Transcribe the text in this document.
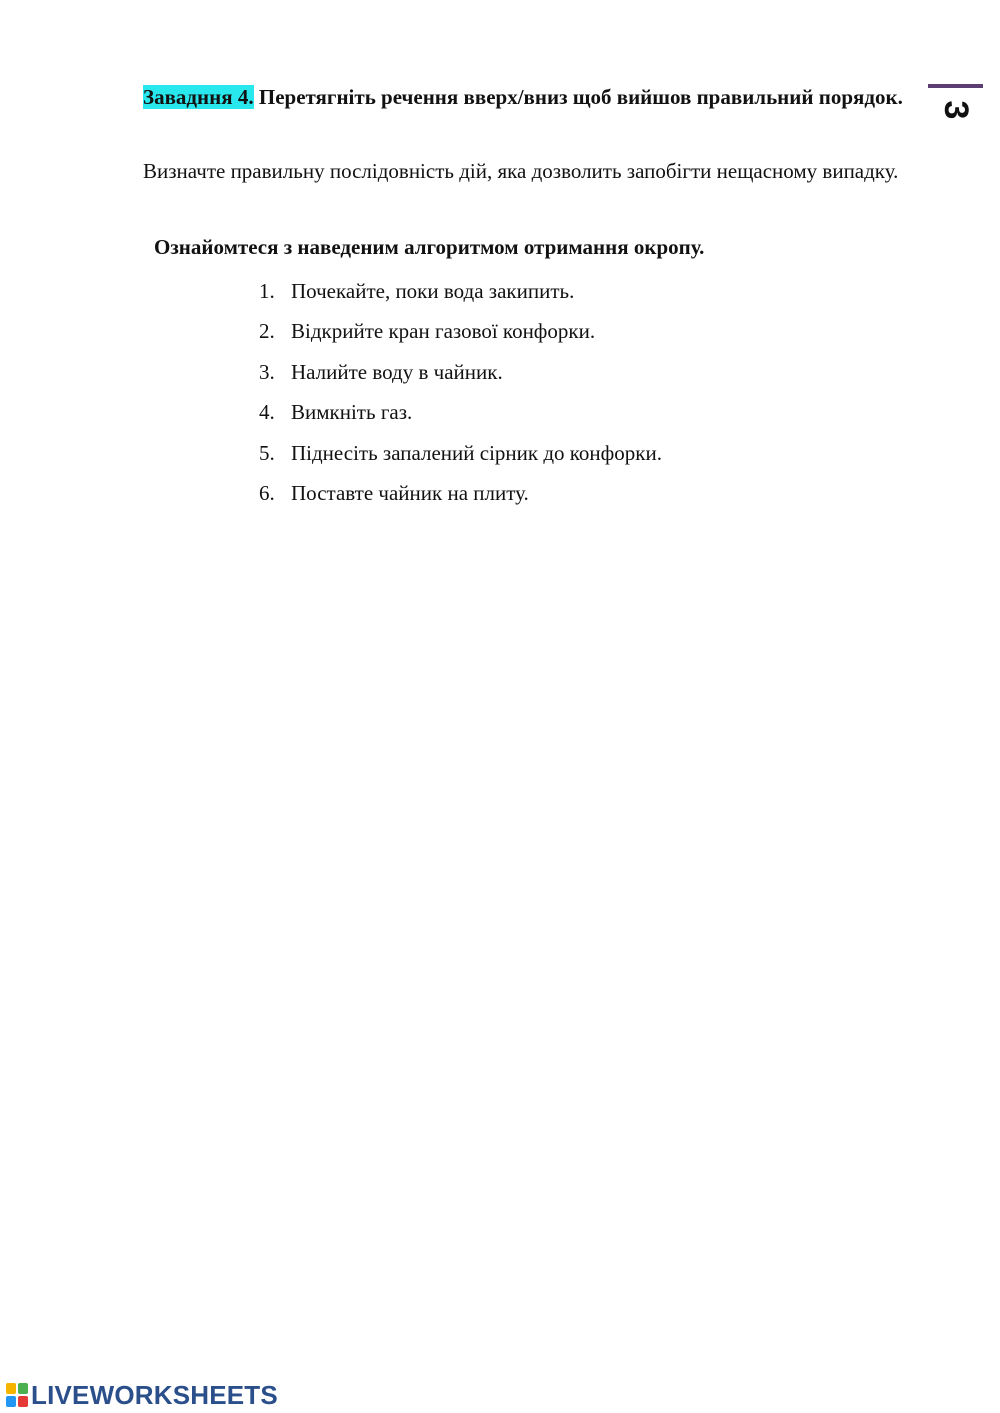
3

Завадння 4. Перетягніть речення вверх/вниз щоб вийшов правильний порядок.

Визначте правильну послідовність дій, яка дозволить запобігти нещасному випадку.

Ознайомтеся з наведеним алгоритмом отримання окропу.

1. Почекайте, поки вода закипить.
2. Відкрийте кран газової конфорки.
3. Налийте воду в чайник.
4. Вимкніть газ.
5. Піднесіть запалений сірник до конфорки.
6. Поставте чайник на плиту.
LIVEWORKSHEETS
